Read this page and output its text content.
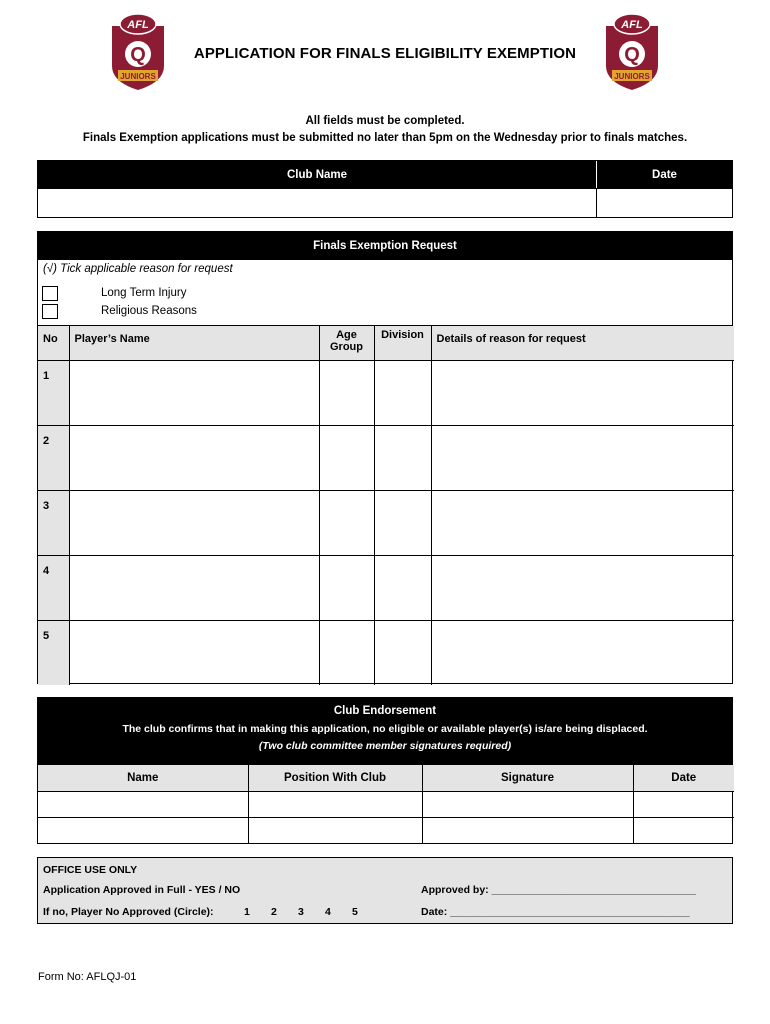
AFL
Q
JUNIORS
AFL
Q
JUNIORS
APPLICATION FOR FINALS ELIGIBILITY EXEMPTION
All fields must be completed.
Finals Exemption applications must be submitted no later than 5pm on the Wednesday prior to finals matches.
Club Name	Date
Finals Exemption Request
(√) Tick applicable reason for request
Long Term Injury
Religious Reasons
No	Player’s Name	Age Group	Division	Details of reason for request
1				
2				
3				
4				
5				
Club Endorsement
The club confirms that in making this application, no eligible or available player(s) is/are being displaced.
(Two club committee member signatures required)
Name	Position With Club	Signature	Date

OFFICE USE ONLY
Application Approved in Full - YES / NO
If no, Player No Approved (Circle):	1 2 3 4 5
Approved by: ___________________________________
Date: _________________________________________
Form No: AFLQJ-01
